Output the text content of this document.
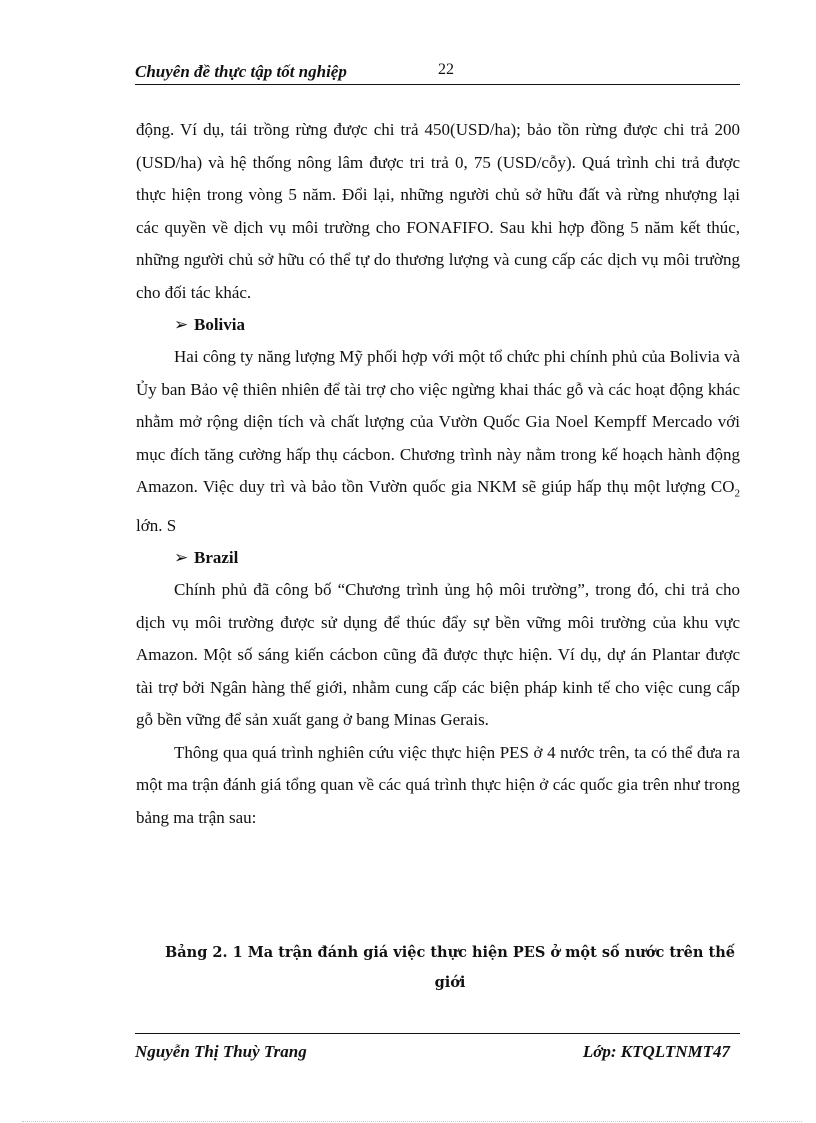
Chuyên đề thực tập tốt nghiệp	22

động. Ví dụ, tái trồng rừng được chi trả 450(USD/ha); bảo tồn rừng được chi trả 200 (USD/ha) và hệ thống nông lâm được tri trả 0, 75 (USD/cỗy). Quá trình chi trả được thực hiện trong vòng 5 năm. Đổi lại, những người chủ sở hữu đất và rừng nhượng lại các quyền về dịch vụ môi trường cho FONAFIFO. Sau khi hợp đồng 5 năm kết thúc, những người chủ sở hữu có thể tự do thương lượng và cung cấp các dịch vụ môi trường cho đối tác khác.

➢ Bolivia

Hai công ty năng lượng Mỹ phối hợp với một tổ chức phi chính phủ của Bolivia và Ủy ban Bảo vệ thiên nhiên để tài trợ cho việc ngừng khai thác gỗ và các hoạt động khác nhằm mở rộng diện tích và chất lượng của Vườn Quốc Gia Noel Kempff Mercado với mục đích tăng cường hấp thụ cácbon. Chương trình này nằm trong kế hoạch hành động Amazon. Việc duy trì và bảo tồn Vườn quốc gia NKM sẽ giúp hấp thụ một lượng $CO_2$ lớn. S

➢ Brazil

Chính phủ đã công bố “Chương trình ủng hộ môi trường”, trong đó, chi trả cho dịch vụ môi trường được sử dụng để thúc đẩy sự bền vững môi trường của khu vực Amazon. Một số sáng kiến cácbon cũng đã được thực hiện. Ví dụ, dự án Plantar được tài trợ bởi Ngân hàng thế giới, nhằm cung cấp các biện pháp kinh tế cho việc cung cấp gỗ bền vững để sản xuất gang ở bang Minas Gerais.

Thông qua quá trình nghiên cứu việc thực hiện PES ở 4 nước trên, ta có thể đưa ra một ma trận đánh giá tổng quan về các quá trình thực hiện ở các quốc gia trên như trong bảng ma trận sau:

Bảng 2. 1 Ma trận đánh giá việc thực hiện PES ở một số nước trên thế giới
Nguyễn Thị Thuỳ Trang	Lớp: KTQLTNMT47
